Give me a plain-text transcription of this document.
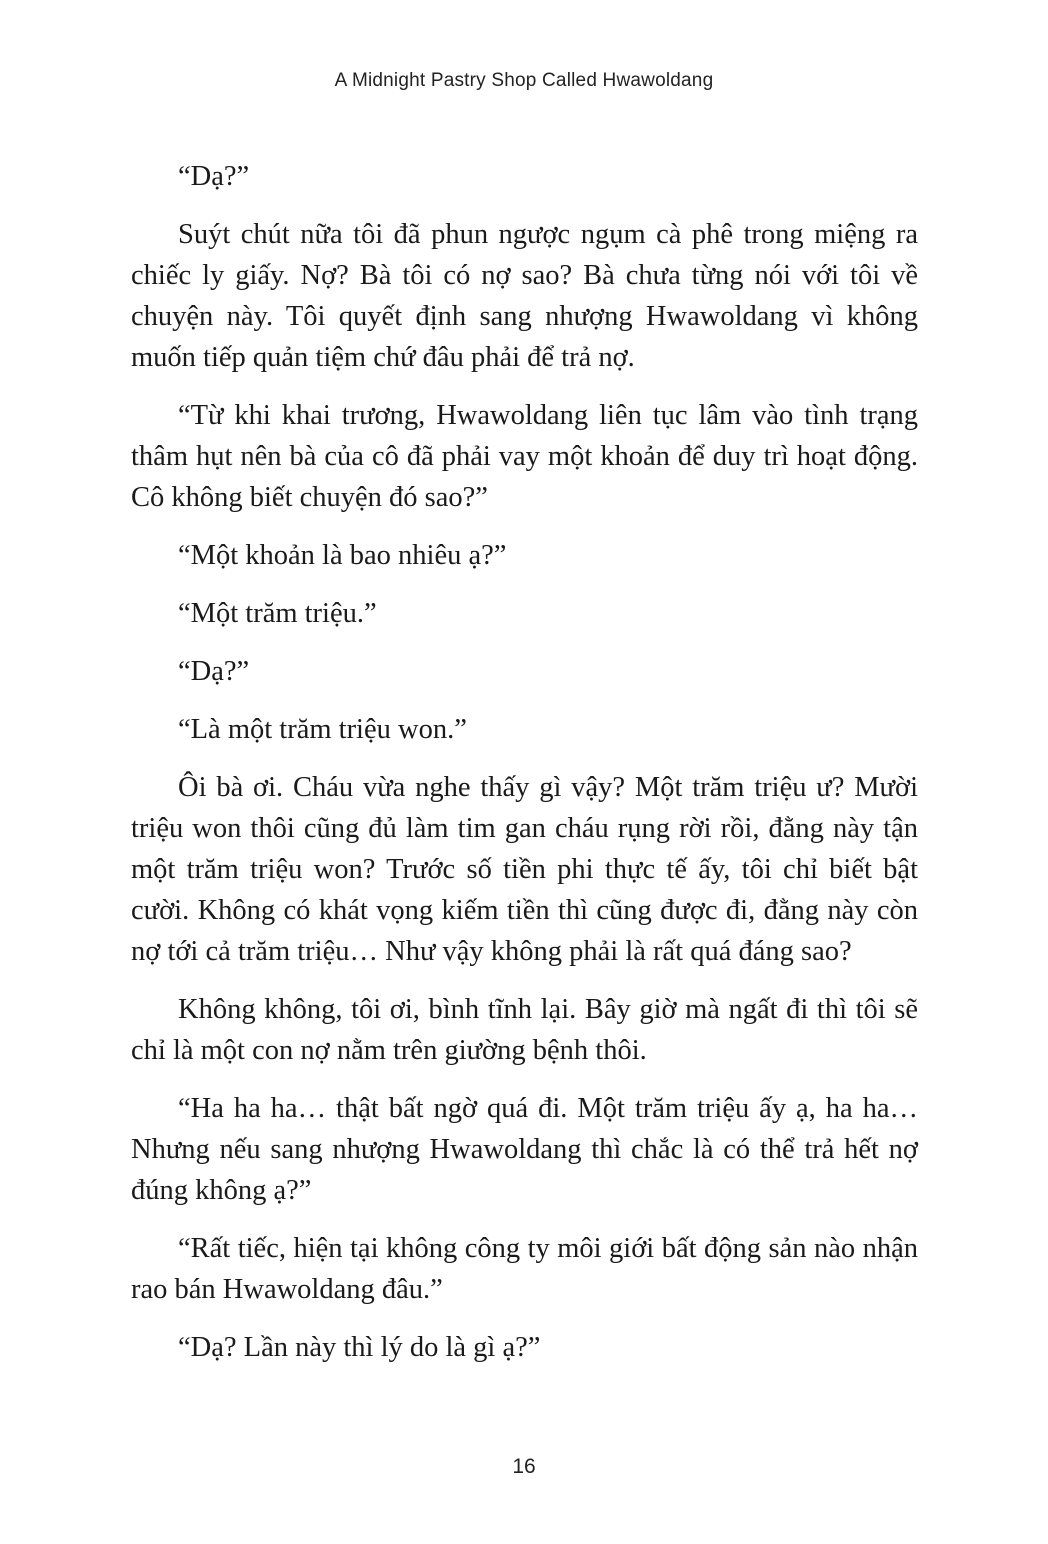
A Midnight Pastry Shop Called Hwawoldang

“Dạ?”

Suýt chút nữa tôi đã phun ngược ngụm cà phê trong miệng ra chiếc ly giấy. Nợ? Bà tôi có nợ sao? Bà chưa từng nói với tôi về chuyện này. Tôi quyết định sang nhượng Hwawoldang vì không muốn tiếp quản tiệm chứ đâu phải để trả nợ.

“Từ khi khai trương, Hwawoldang liên tục lâm vào tình trạng thâm hụt nên bà của cô đã phải vay một khoản để duy trì hoạt động. Cô không biết chuyện đó sao?”

“Một khoản là bao nhiêu ạ?”

“Một trăm triệu.”

“Dạ?”

“Là một trăm triệu won.”

Ôi bà ơi. Cháu vừa nghe thấy gì vậy? Một trăm triệu ư? Mười triệu won thôi cũng đủ làm tim gan cháu rụng rời rồi, đằng này tận một trăm triệu won? Trước số tiền phi thực tế ấy, tôi chỉ biết bật cười. Không có khát vọng kiếm tiền thì cũng được đi, đằng này còn nợ tới cả trăm triệu… Như vậy không phải là rất quá đáng sao?

Không không, tôi ơi, bình tĩnh lại. Bây giờ mà ngất đi thì tôi sẽ chỉ là một con nợ nằm trên giường bệnh thôi.

“Ha ha ha… thật bất ngờ quá đi. Một trăm triệu ấy ạ, ha ha… Nhưng nếu sang nhượng Hwawoldang thì chắc là có thể trả hết nợ đúng không ạ?”

“Rất tiếc, hiện tại không công ty môi giới bất động sản nào nhận rao bán Hwawoldang đâu.”

“Dạ? Lần này thì lý do là gì ạ?”

16
